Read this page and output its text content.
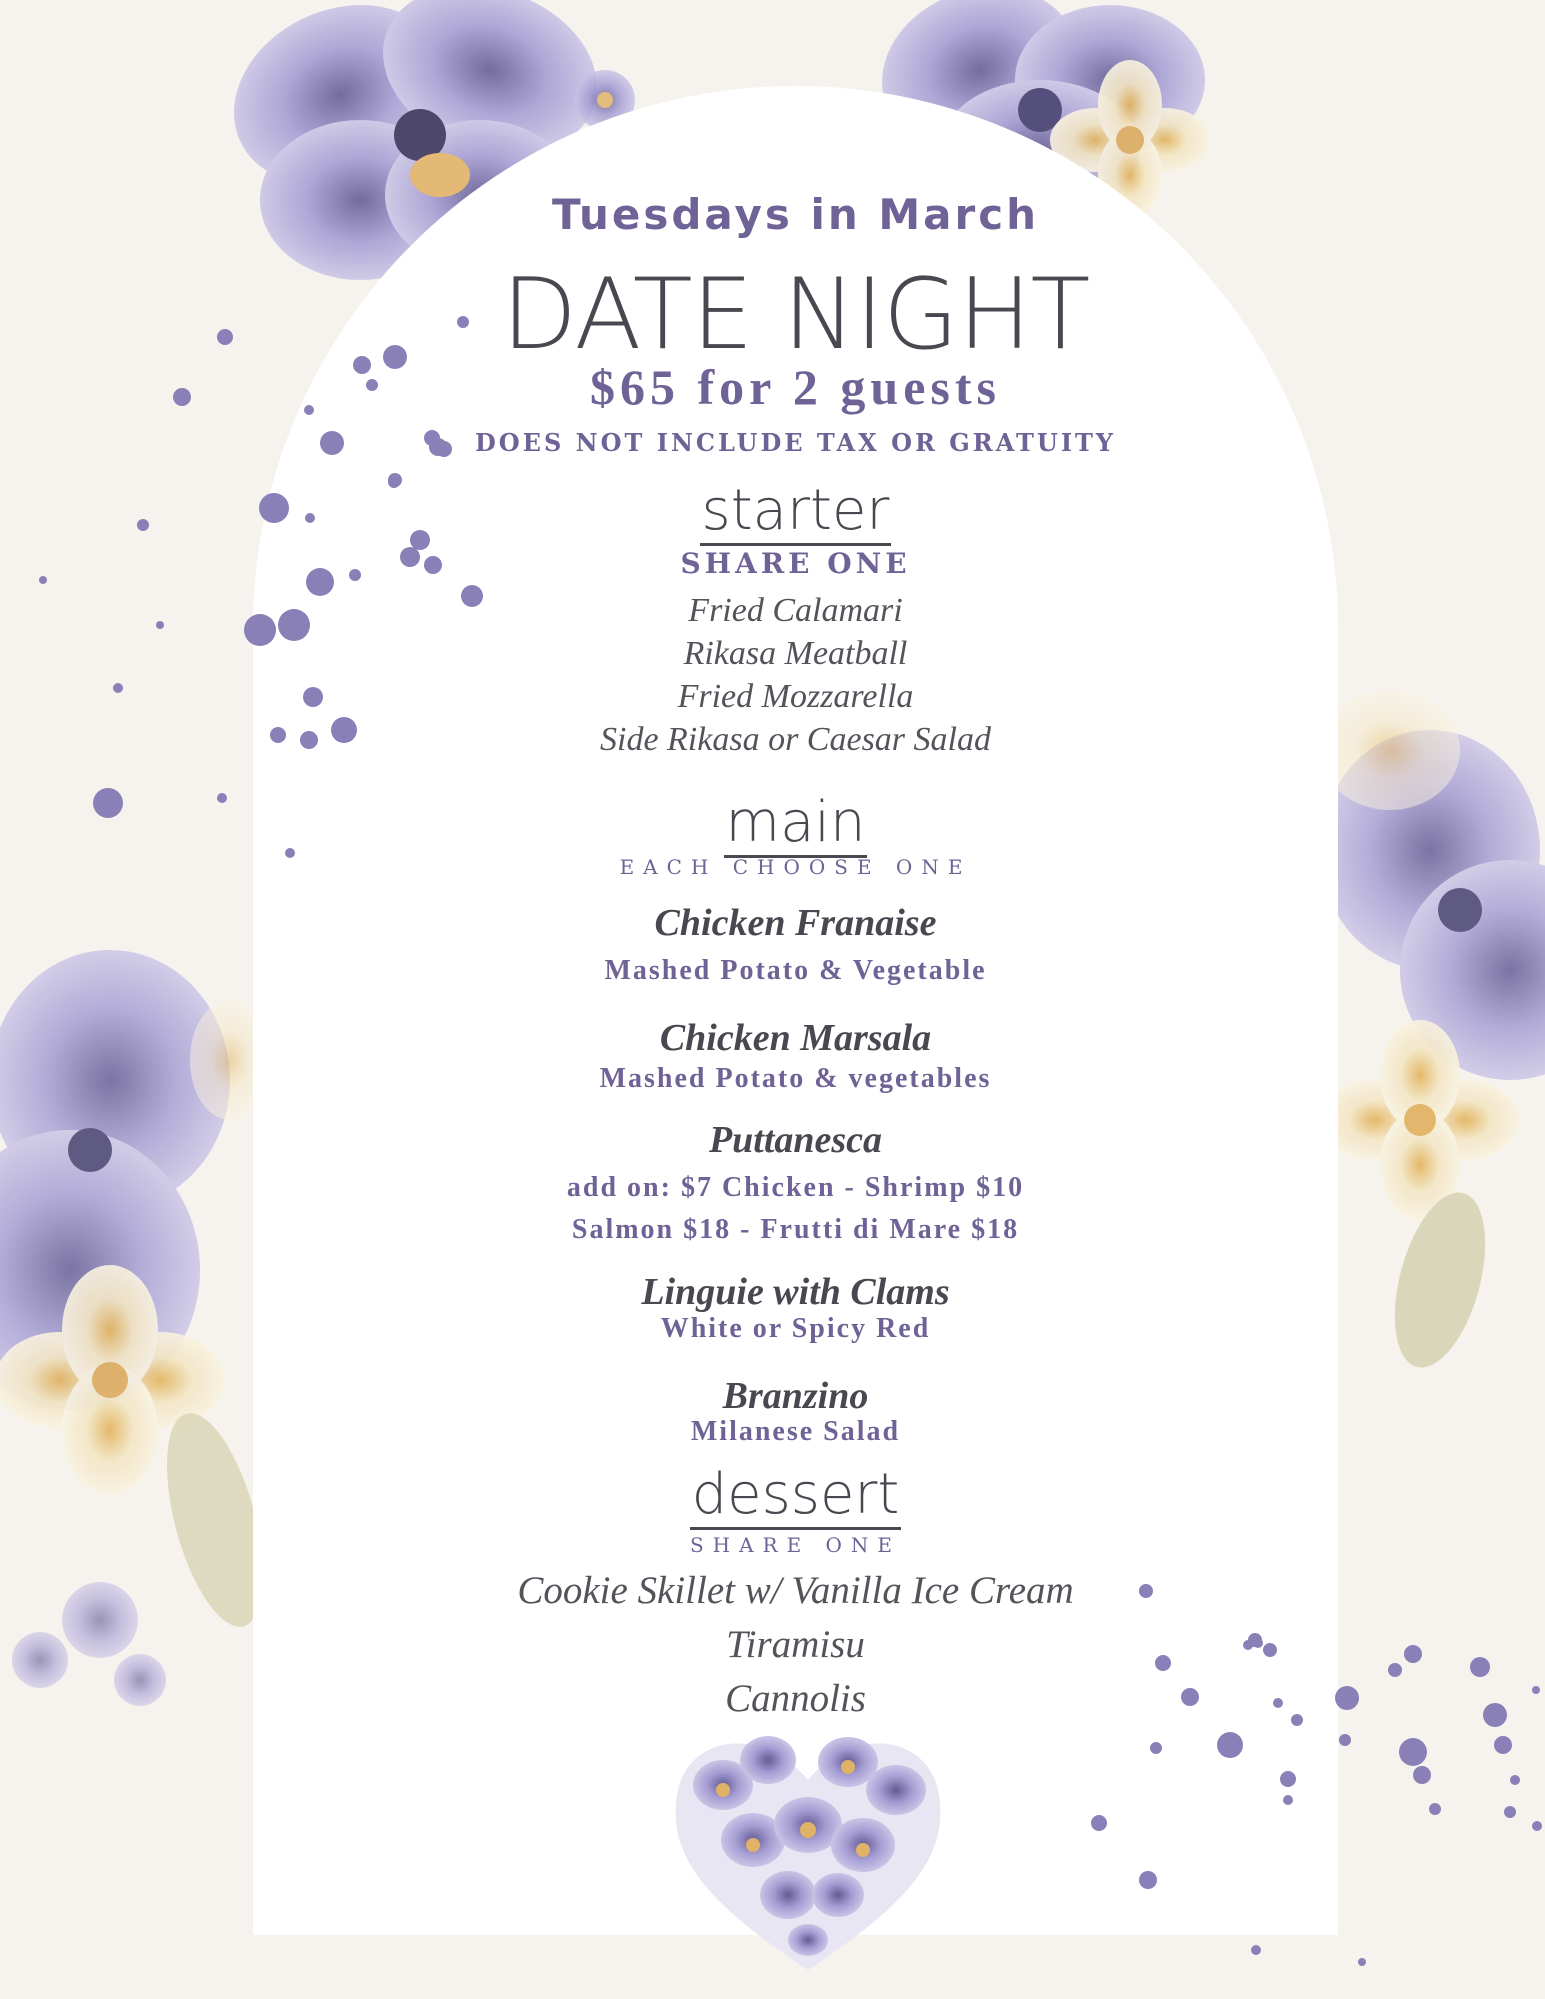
Tuesdays in March
DATE NIGHT
$65 for 2 guests
DOES NOT INCLUDE TAX OR GRATUITY
starter
SHARE ONE
Fried Calamari
Rikasa Meatball
Fried Mozzarella
Side Rikasa or Caesar Salad
main
EACH CHOOSE ONE
Chicken Franaise
Mashed Potato & Vegetable
Chicken Marsala
Mashed Potato & vegetables
Puttanesca
add on: $7 Chicken - Shrimp $10
Salmon $18 - Frutti di Mare $18
Linguie with Clams
White or Spicy Red
Branzino
Milanese Salad
dessert
SHARE ONE
Cookie Skillet w/ Vanilla Ice Cream
Tiramisu
Cannolis
